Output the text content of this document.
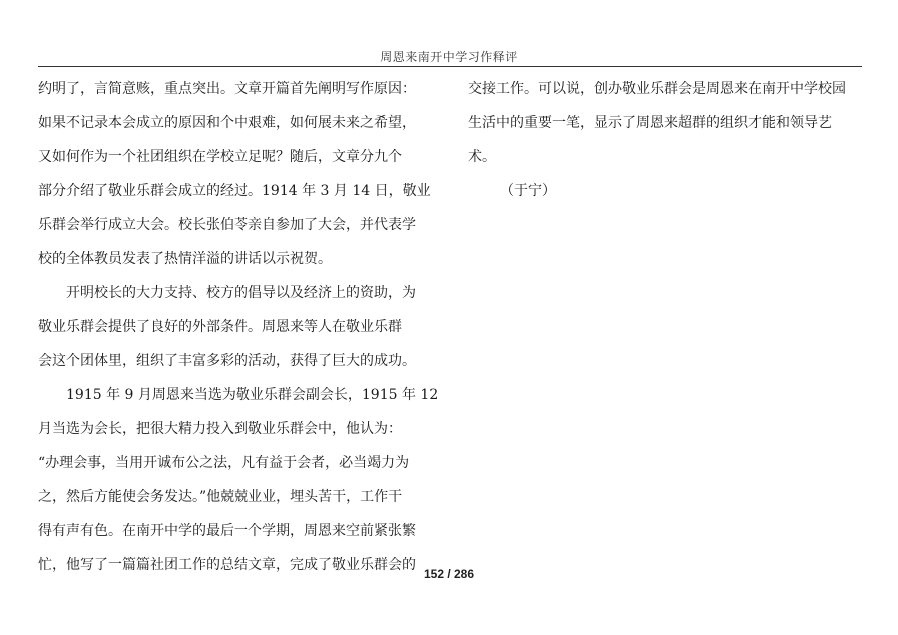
周恩来南开中学习作释评
约明了，言简意赅，重点突出。文章开篇首先阐明写作原因：
如果不记录本会成立的原因和个中艰难，如何展未来之希望，
又如何作为一个社团组织在学校立足呢？随后，文章分九个
部分介绍了敬业乐群会成立的经过。1914 年 3 月 14 日，敬业
乐群会举行成立大会。校长张伯苓亲自参加了大会，并代表学
校的全体教员发表了热情洋溢的讲话以示祝贺。
开明校长的大力支持、校方的倡导以及经济上的资助，为
敬业乐群会提供了良好的外部条件。周恩来等人在敬业乐群
会这个团体里，组织了丰富多彩的活动，获得了巨大的成功。
1915 年 9 月周恩来当选为敬业乐群会副会长，1915 年 12
月当选为会长，把很大精力投入到敬业乐群会中，他认为：
“办理会事，当用开诚布公之法，凡有益于会者，必当竭力为
之，然后方能使会务发达。”他兢兢业业，埋头苦干，工作干
得有声有色。在南开中学的最后一个学期，周恩来空前紧张繁
忙，他写了一篇篇社团工作的总结文章，完成了敬业乐群会的
交接工作。可以说，创办敬业乐群会是周恩来在南开中学校园
生活中的重要一笔，显示了周恩来超群的组织才能和领导艺
术。
（于宁）
152 / 286
